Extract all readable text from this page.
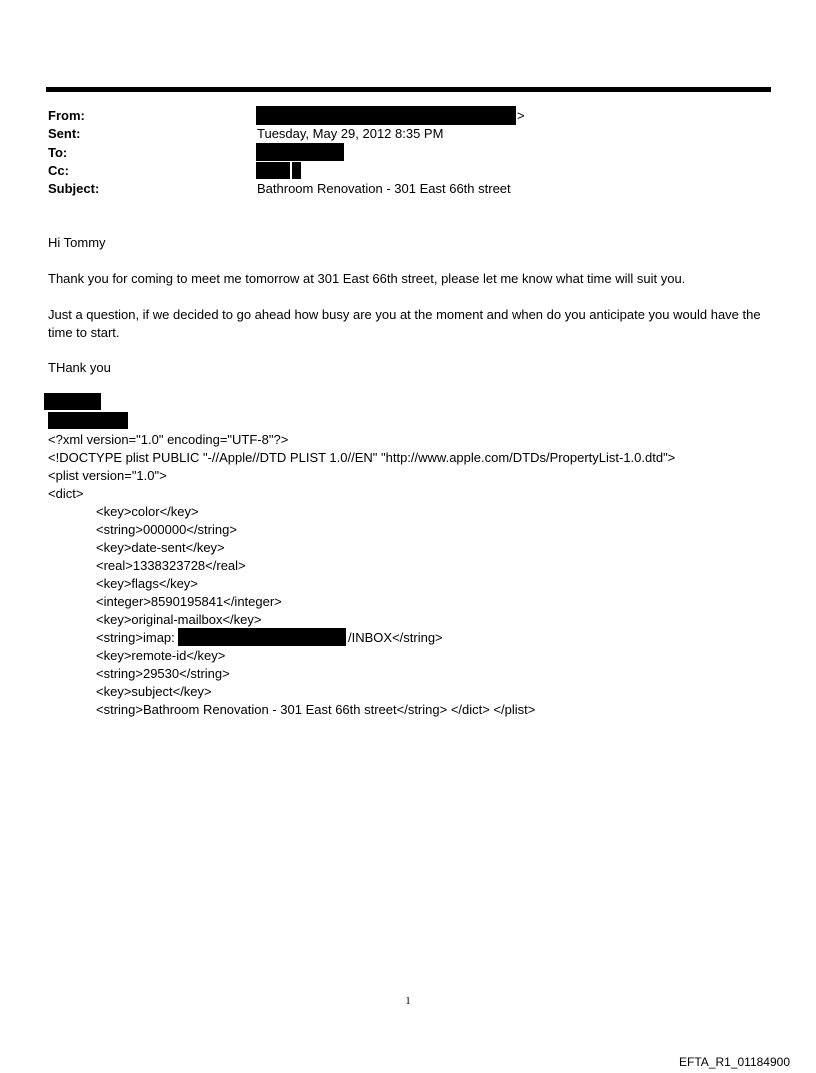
From:
Sent:
To:
Cc:
Subject:
>
Tuesday, May 29, 2012 8:35 PM
Bathroom Renovation - 301 East 66th street
Hi Tommy
Thank you for coming to meet me tomorrow at 301 East 66th street, please let me know what time will suit you.
Just a question, if we decided to go ahead how busy are you at the moment and when do you anticipate you would have the time to start.
THank you
<?xml version="1.0" encoding="UTF-8"?>
<!DOCTYPE plist PUBLIC "-//Apple//DTD PLIST 1.0//EN" "http://www.apple.com/DTDs/PropertyList-1.0.dtd">
<plist version="1.0">
<dict>
<key>color</key>
<string>000000</string>
<key>date-sent</key>
<real>1338323728</real>
<key>flags</key>
<integer>8590195841</integer>
<key>original-mailbox</key>
<string>imap:	/INBOX</string>
<key>remote-id</key>
<string>29530</string>
<key>subject</key>
<string>Bathroom Renovation - 301 East 66th street</string> </dict> </plist>
1
EFTA_R1_01184900
